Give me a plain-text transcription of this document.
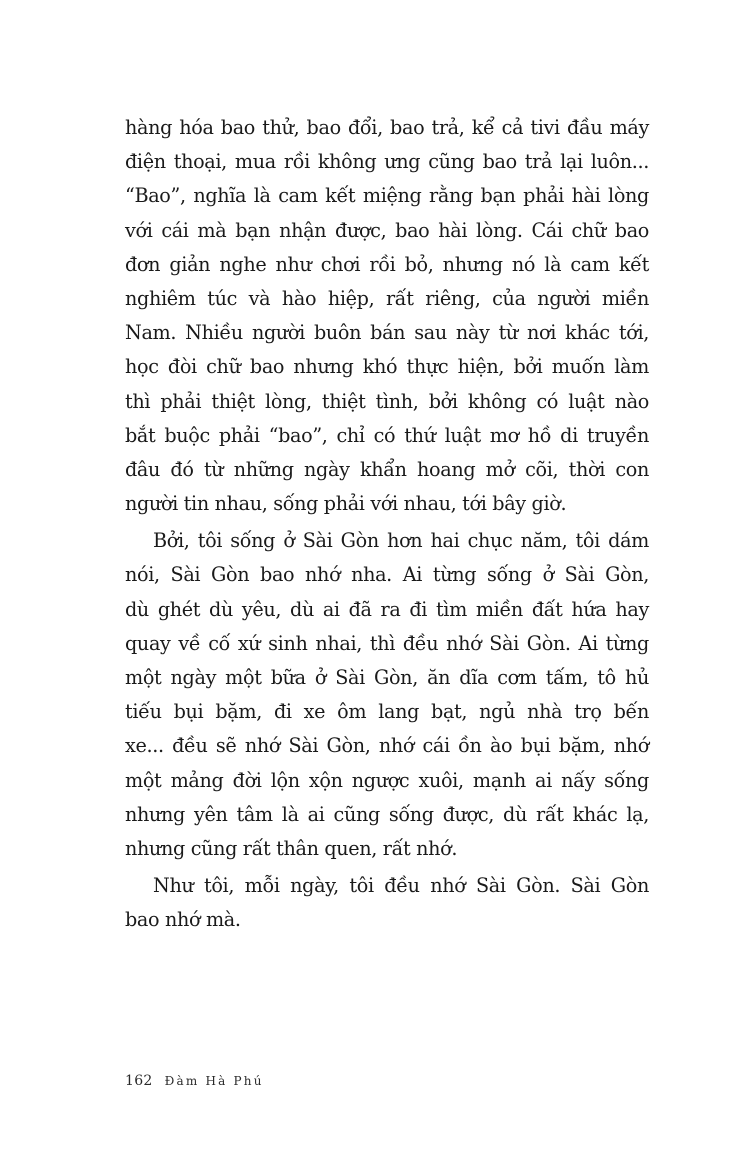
hàng hóa bao thử, bao đổi, bao trả, kể cả tivi đầu máy
điện thoại, mua rồi không ưng cũng bao trả lại luôn...
“Bao”, nghĩa là cam kết miệng rằng bạn phải hài lòng
với cái mà bạn nhận được, bao hài lòng. Cái chữ bao
đơn giản nghe như chơi rồi bỏ, nhưng nó là cam kết
nghiêm túc và hào hiệp, rất riêng, của người miền
Nam. Nhiều người buôn bán sau này từ nơi khác tới,
học đòi chữ bao nhưng khó thực hiện, bởi muốn làm
thì phải thiệt lòng, thiệt tình, bởi không có luật nào
bắt buộc phải “bao”, chỉ có thứ luật mơ hồ di truyền
đâu đó từ những ngày khẩn hoang mở cõi, thời con
người tin nhau, sống phải với nhau, tới bây giờ.
Bởi, tôi sống ở Sài Gòn hơn hai chục năm, tôi dám
nói, Sài Gòn bao nhớ nha. Ai từng sống ở Sài Gòn,
dù ghét dù yêu, dù ai đã ra đi tìm miền đất hứa hay
quay về cố xứ sinh nhai, thì đều nhớ Sài Gòn. Ai từng
một ngày một bữa ở Sài Gòn, ăn dĩa cơm tấm, tô hủ
tiếu bụi bặm, đi xe ôm lang bạt, ngủ nhà trọ bến
xe... đều sẽ nhớ Sài Gòn, nhớ cái ồn ào bụi bặm, nhớ
một mảng đời lộn xộn ngược xuôi, mạnh ai nấy sống
nhưng yên tâm là ai cũng sống được, dù rất khác lạ,
nhưng cũng rất thân quen, rất nhớ.
Như tôi, mỗi ngày, tôi đều nhớ Sài Gòn. Sài Gòn
bao nhớ mà.
162 Đàm Hà Phú
